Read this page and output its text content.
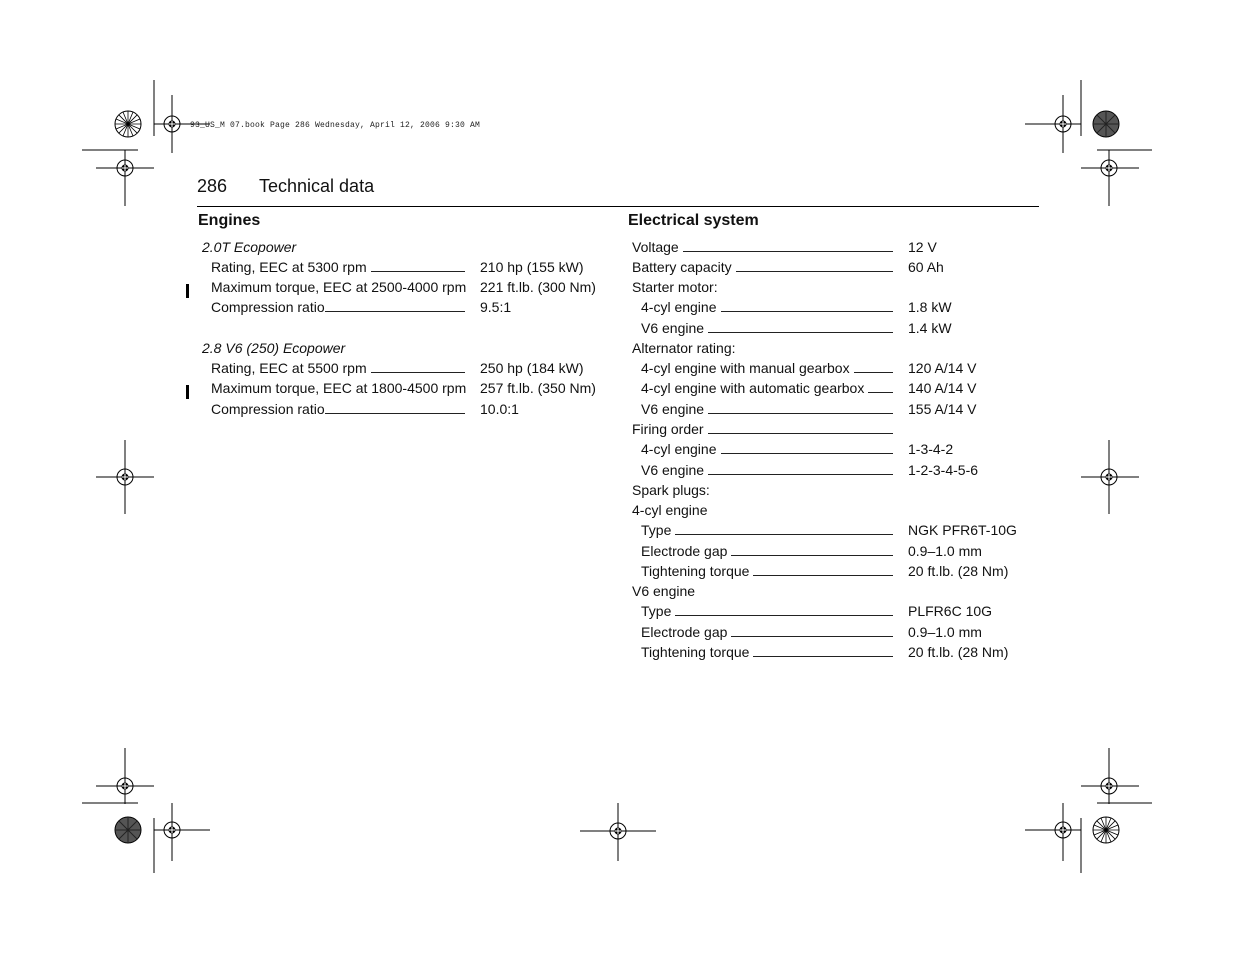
93_US_M 07.book Page 286 Wednesday, April 12, 2006 9:30 AM
286 Technical data
Engines
2.0T Ecopower
Rating, EEC at 5300 rpm	210 hp (155 kW)
Maximum torque, EEC at 2500-4000 rpm 221 ft.lb. (300 Nm)
Compression ratio	9.5:1
2.8 V6 (250) Ecopower
Rating, EEC at 5500 rpm	250 hp (184 kW)
Maximum torque, EEC at 1800-4500 rpm 257 ft.lb. (350 Nm)
Compression ratio	10.0:1
Electrical system
Voltage	12 V
Battery capacity	60 Ah
Starter motor:
4-cyl engine	1.8 kW
V6 engine	1.4 kW
Alternator rating:
4-cyl engine with manual gearbox	120 A/14 V
4-cyl engine with automatic gearbox	140 A/14 V
V6 engine	155 A/14 V
Firing order
4-cyl engine	1-3-4-2
V6 engine	1-2-3-4-5-6
Spark plugs:
4-cyl engine
Type	NGK PFR6T-10G
Electrode gap	0.9–1.0 mm
Tightening torque	20 ft.lb. (28 Nm)
V6 engine
Type	PLFR6C 10G
Electrode gap	0.9–1.0 mm
Tightening torque	20 ft.lb. (28 Nm)
